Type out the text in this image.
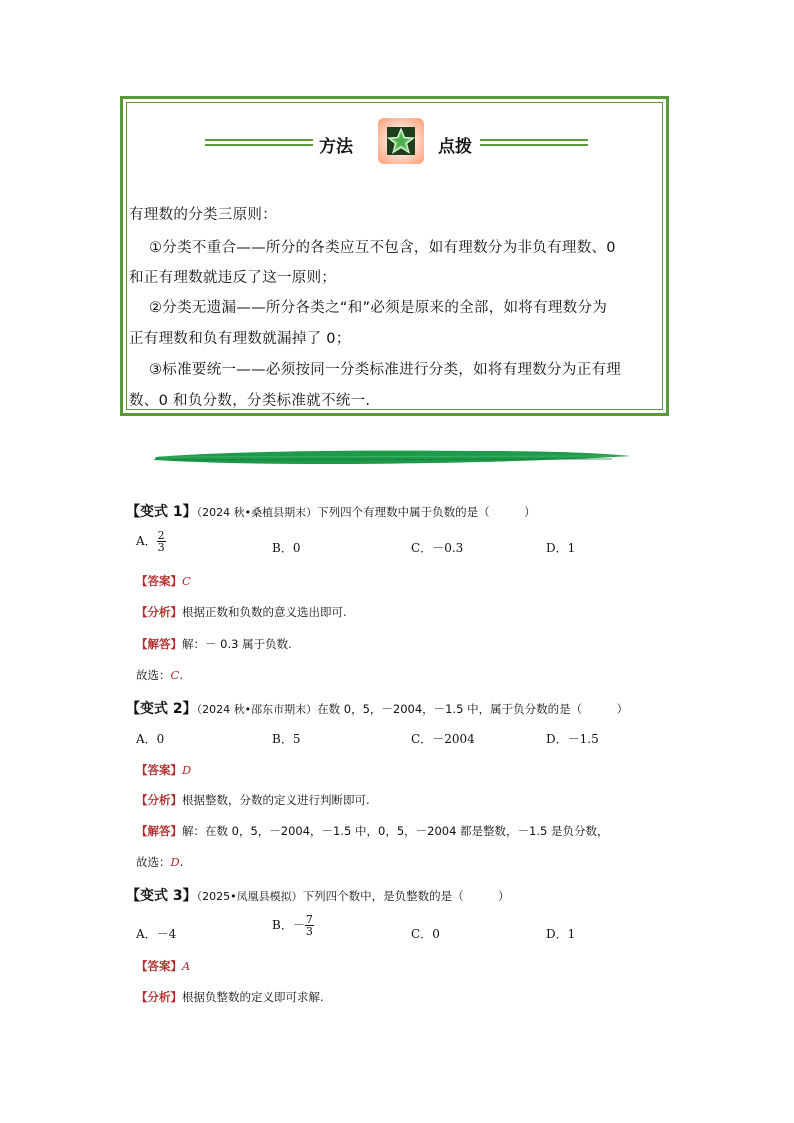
方法	点拨
有理数的分类三原则：
①分类不重合——所分的各类应互不包含，如有理数分为非负有理数、0
和正有理数就违反了这一原则；
②分类无遗漏——所分各类之“和”必须是原来的全部，如将有理数分为
正有理数和负有理数就漏掉了 0；
③标准要统一——必须按同一分类标准进行分类，如将有理数分为正有理
数、0 和负分数，分类标准就不统一.
【变式 1】（2024 秋•桑植县期末）下列四个有理数中属于负数的是（　　　）
A． $\frac{2}{3}$	B．0	C．－0.3	D．1
【答案】C
【分析】根据正数和负数的意义选出即可.
【解答】解：－ 0.3 属于负数.
故选：C.
【变式 2】（2024 秋•邵东市期末）在数 0，5，－2004，－1.5 中，属于负分数的是（　　　）
A．0	B．5	C．－2004	D．－1.5
【答案】D
【分析】根据整数，分数的定义进行判断即可.
【解答】解：在数 0，5，－2004，－1.5 中，0，5，－2004 都是整数，－1.5 是负分数，
故选：D.
【变式 3】（2025•凤凰县模拟）下列四个数中，是负整数的是（　　　）
A．－4
B．－ $\frac{7}{3}$	C．0	D．1
【答案】A
【分析】根据负整数的定义即可求解.
